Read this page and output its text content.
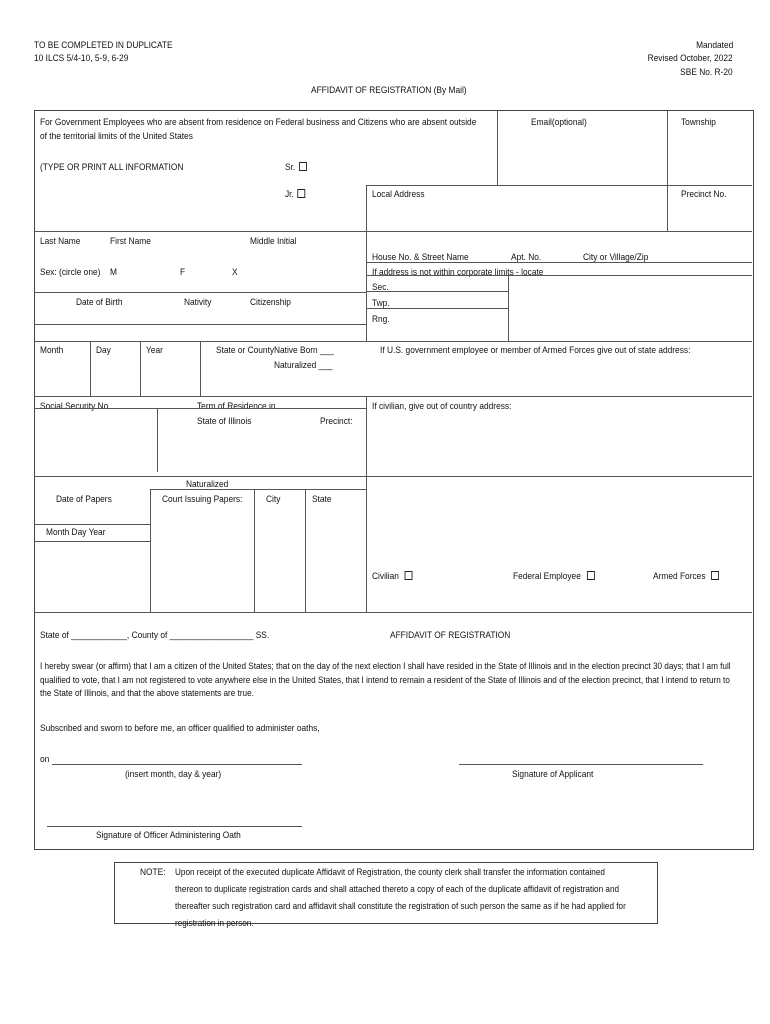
TO BE COMPLETED IN DUPLICATE
10 ILCS 5/4-10, 5-9, 6-29
Mandated
Revised October, 2022
SBE No. R-20
AFFIDAVIT OF REGISTRATION (By Mail)
For Government Employees who are absent from residence on Federal business and Citizens who are absent outside of the territorial limits of the United States
Email(optional)	Township
(TYPE OR PRINT ALL INFORMATION	Sr.
Jr.	Local Address	Precinct No.
Last Name	First Name	Middle Initial
House No. & Street Name	Apt. No.	City or Village/Zip
If address is not within corporate limits - locate
Sec.
Twp.
Rng.
Sex: (circle one) M	F	X
Date of Birth	Nativity	Citizenship
Month	Day	Year	State or County Native Born ___
Naturalized ___
If U.S. government employee or member of Armed Forces give out of state address:
Social Security No.	Term of Residence in
State of Illinois	Precinct:
If civilian, give out of country address:
Naturalized
Date of Papers	Court Issuing Papers: City	State
Month Day Year
Civilian	Federal Employee	Armed Forces
State of ____________, County of __________________ SS.	AFFIDAVIT OF REGISTRATION
I hereby swear (or affirm) that I am a citizen of the United States; that on the day of the next election I shall have resided in the State of Illinois and in the election precinct 30 days; that I am full qualified to vote, that I am not registered to vote anywhere else in the United States, that I intend to remain a resident of the State of Illinois and of the election precinct, that I intend to return to the State of Illinois, and that the above statements are true.
Subscribed and sworn to before me, an officer qualified to administer oaths,
on
(insert month, day & year)	Signature of Applicant
Signature of Officer Administering Oath
NOTE: Upon receipt of the executed duplicate Affidavit of Registration, the county clerk shall transfer the information contained thereon to duplicate registration cards and shall attached thereto a copy of each of the duplicate affidavit of registration and thereafter such registration card and affidavit shall constitute the registration of such person the same as if he had applied for registration in person.
